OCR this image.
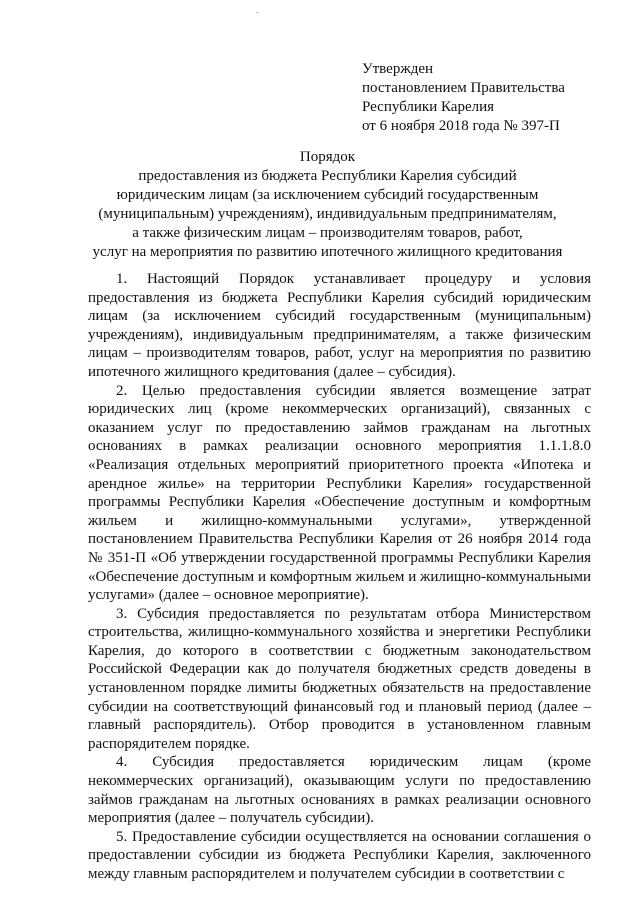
Утвержден
постановлением Правительства
Республики Карелия
от 6 ноября 2018 года № 397-П
Порядок
предоставления из бюджета Республики Карелия субсидий
юридическим лицам (за исключением субсидий государственным
(муниципальным) учреждениям), индивидуальным предпринимателям,
а также физическим лицам – производителям товаров, работ,
услуг на мероприятия по развитию ипотечного жилищного кредитования

1. Настоящий Порядок устанавливает процедуру и условия предоставления из бюджета Республики Карелия субсидий юридическим лицам (за исключением субсидий государственным (муниципальным) учреждениям), индивидуальным предпринимателям, а также физическим лицам – производителям товаров, работ, услуг на мероприятия по развитию ипотечного жилищного кредитования (далее – субсидия).

2. Целью предоставления субсидии является возмещение затрат юридических лиц (кроме некоммерческих организаций), связанных с оказанием услуг по предоставлению займов гражданам на льготных основаниях в рамках реализации основного мероприятия 1.1.1.8.0 «Реализация отдельных мероприятий приоритетного проекта «Ипотека и арендное жилье» на территории Республики Карелия» государственной программы Республики Карелия «Обеспечение доступным и комфортным жильем и жилищно-коммунальными услугами», утвержденной постановлением Правительства Республики Карелия от 26 ноября 2014 года № 351-П «Об утверждении государственной программы Республики Карелия «Обеспечение доступным и комфортным жильем и жилищно-коммунальными услугами» (далее – основное мероприятие).

3. Субсидия предоставляется по результатам отбора Министерством строительства, жилищно-коммунального хозяйства и энергетики Республики Карелия, до которого в соответствии с бюджетным законодательством Российской Федерации как до получателя бюджетных средств доведены в установленном порядке лимиты бюджетных обязательств на предоставление субсидии на соответствующий финансовый год и плановый период (далее – главный распорядитель). Отбор проводится в установленном главным распорядителем порядке.

4. Субсидия предоставляется юридическим лицам (кроме некоммерческих организаций), оказывающим услуги по предоставлению займов гражданам на льготных основаниях в рамках реализации основного мероприятия (далее – получатель субсидии).

5. Предоставление субсидии осуществляется на основании соглашения о предоставлении субсидии из бюджета Республики Карелия, заключенного между главным распорядителем и получателем субсидии в соответствии с
